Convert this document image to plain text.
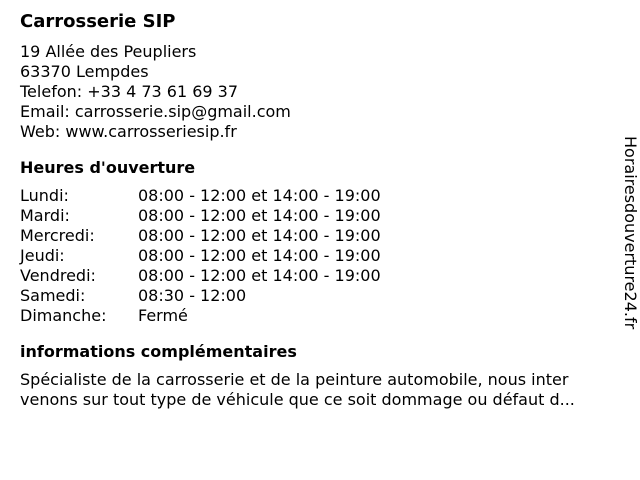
Carrosserie SIP
19 Allée des Peupliers
63370 Lempdes
Telefon: +33 4 73 61 69 37
Email: carrosserie.sip@gmail.com
Web: www.carrosseriesip.fr
Heures d'ouverture
Lundi:	08:00 - 12:00 et 14:00 - 19:00
Mardi:	08:00 - 12:00 et 14:00 - 19:00
Mercredi:	08:00 - 12:00 et 14:00 - 19:00
Jeudi:	08:00 - 12:00 et 14:00 - 19:00
Vendredi:	08:00 - 12:00 et 14:00 - 19:00
Samedi:	08:30 - 12:00
Dimanche:	Fermé
informations complémentaires
Spécialiste de la carrosserie et de la peinture automobile, nous inter
venons sur tout type de véhicule que ce soit dommage ou défaut d...
Horairesdouverture24.fr
